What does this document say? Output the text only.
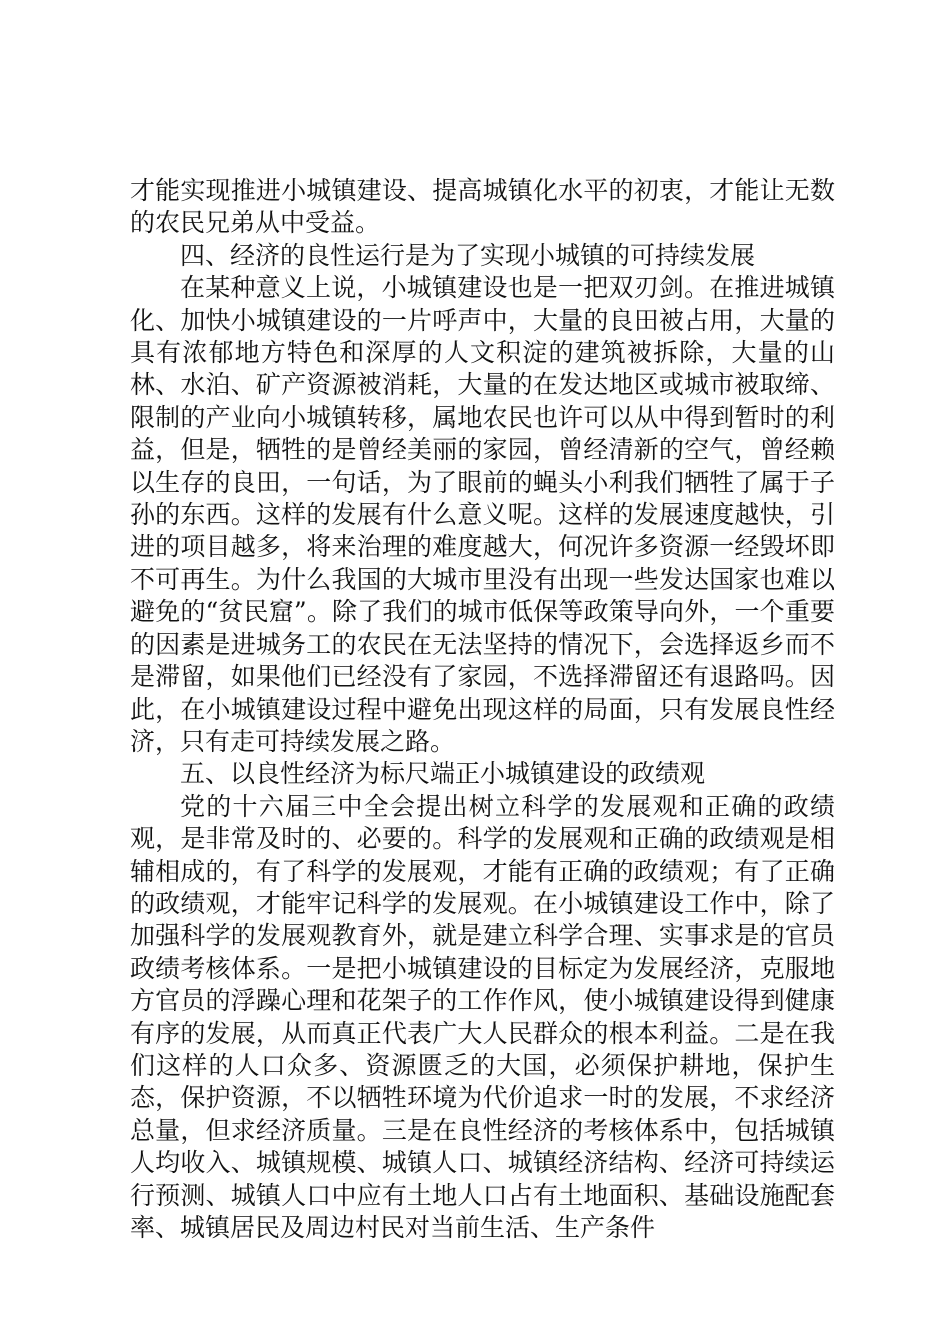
才能实现推进小城镇建设、提高城镇化水平的初衷，才能让无数的农民兄弟从中受益。

四、经济的良性运行是为了实现小城镇的可持续发展

在某种意义上说，小城镇建设也是一把双刃剑。在推进城镇化、加快小城镇建设的一片呼声中，大量的良田被占用，大量的具有浓郁地方特色和深厚的人文积淀的建筑被拆除，大量的山林、水泊、矿产资源被消耗，大量的在发达地区或城市被取缔、限制的产业向小城镇转移，属地农民也许可以从中得到暂时的利益，但是，牺牲的是曾经美丽的家园，曾经清新的空气，曾经赖以生存的良田，一句话，为了眼前的蝇头小利我们牺牲了属于子孙的东西。这样的发展有什么意义呢。这样的发展速度越快，引进的项目越多，将来治理的难度越大，何况许多资源一经毁坏即不可再生。为什么我国的大城市里没有出现一些发达国家也难以避免的“贫民窟”。除了我们的城市低保等政策导向外，一个重要的因素是进城务工的农民在无法坚持的情况下，会选择返乡而不是滞留，如果他们已经没有了家园，不选择滞留还有退路吗。因此，在小城镇建设过程中避免出现这样的局面，只有发展良性经济，只有走可持续发展之路。

五、以良性经济为标尺端正小城镇建设的政绩观

党的十六届三中全会提出树立科学的发展观和正确的政绩观，是非常及时的、必要的。科学的发展观和正确的政绩观是相辅相成的，有了科学的发展观，才能有正确的政绩观；有了正确的政绩观，才能牢记科学的发展观。在小城镇建设工作中，除了加强科学的发展观教育外，就是建立科学合理、实事求是的官员政绩考核体系。一是把小城镇建设的目标定为发展经济，克服地方官员的浮躁心理和花架子的工作作风，使小城镇建设得到健康有序的发展，从而真正代表广大人民群众的根本利益。二是在我们这样的人口众多、资源匮乏的大国，必须保护耕地，保护生态，保护资源，不以牺牲环境为代价追求一时的发展，不求经济总量，但求经济质量。三是在良性经济的考核体系中，包括城镇人均收入、城镇规模、城镇人口、城镇经济结构、经济可持续运行预测、城镇人口中应有土地人口占有土地面积、基础设施配套率、城镇居民及周边村民对当前生活、生产条件
